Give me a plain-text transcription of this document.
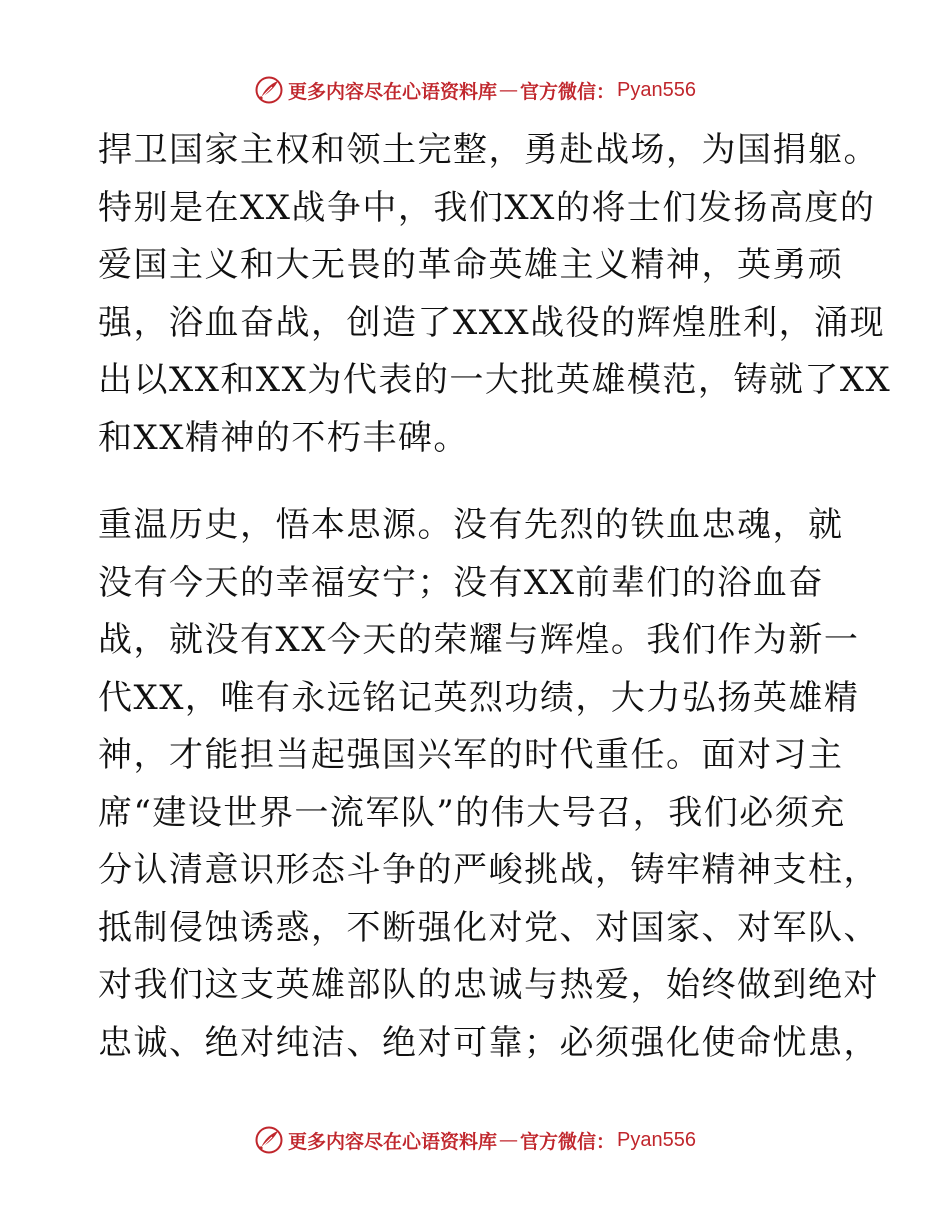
更多内容尽在心语资料库 — 官方微信： Pyan556
捍卫国家主权和领土完整，勇赴战场，为国捐躯。
特别是在XX战争中，我们XX的将士们发扬高度的
爱国主义和大无畏的革命英雄主义精神，英勇顽
强，浴血奋战，创造了XXX战役的辉煌胜利，涌现
出以XX和XX为代表的一大批英雄模范，铸就了XX
和XX精神的不朽丰碑。
重温历史，悟本思源。没有先烈的铁血忠魂，就
没有今天的幸福安宁；没有XX前辈们的浴血奋
战，就没有XX今天的荣耀与辉煌。我们作为新一
代XX，唯有永远铭记英烈功绩，大力弘扬英雄精
神，才能担当起强国兴军的时代重任。面对习主
席“建设世界一流军队”的伟大号召，我们必须充
分认清意识形态斗争的严峻挑战，铸牢精神支柱，
抵制侵蚀诱惑，不断强化对党、对国家、对军队、
对我们这支英雄部队的忠诚与热爱，始终做到绝对
忠诚、绝对纯洁、绝对可靠；必须强化使命忧患，
更多内容尽在心语资料库 — 官方微信： Pyan556
